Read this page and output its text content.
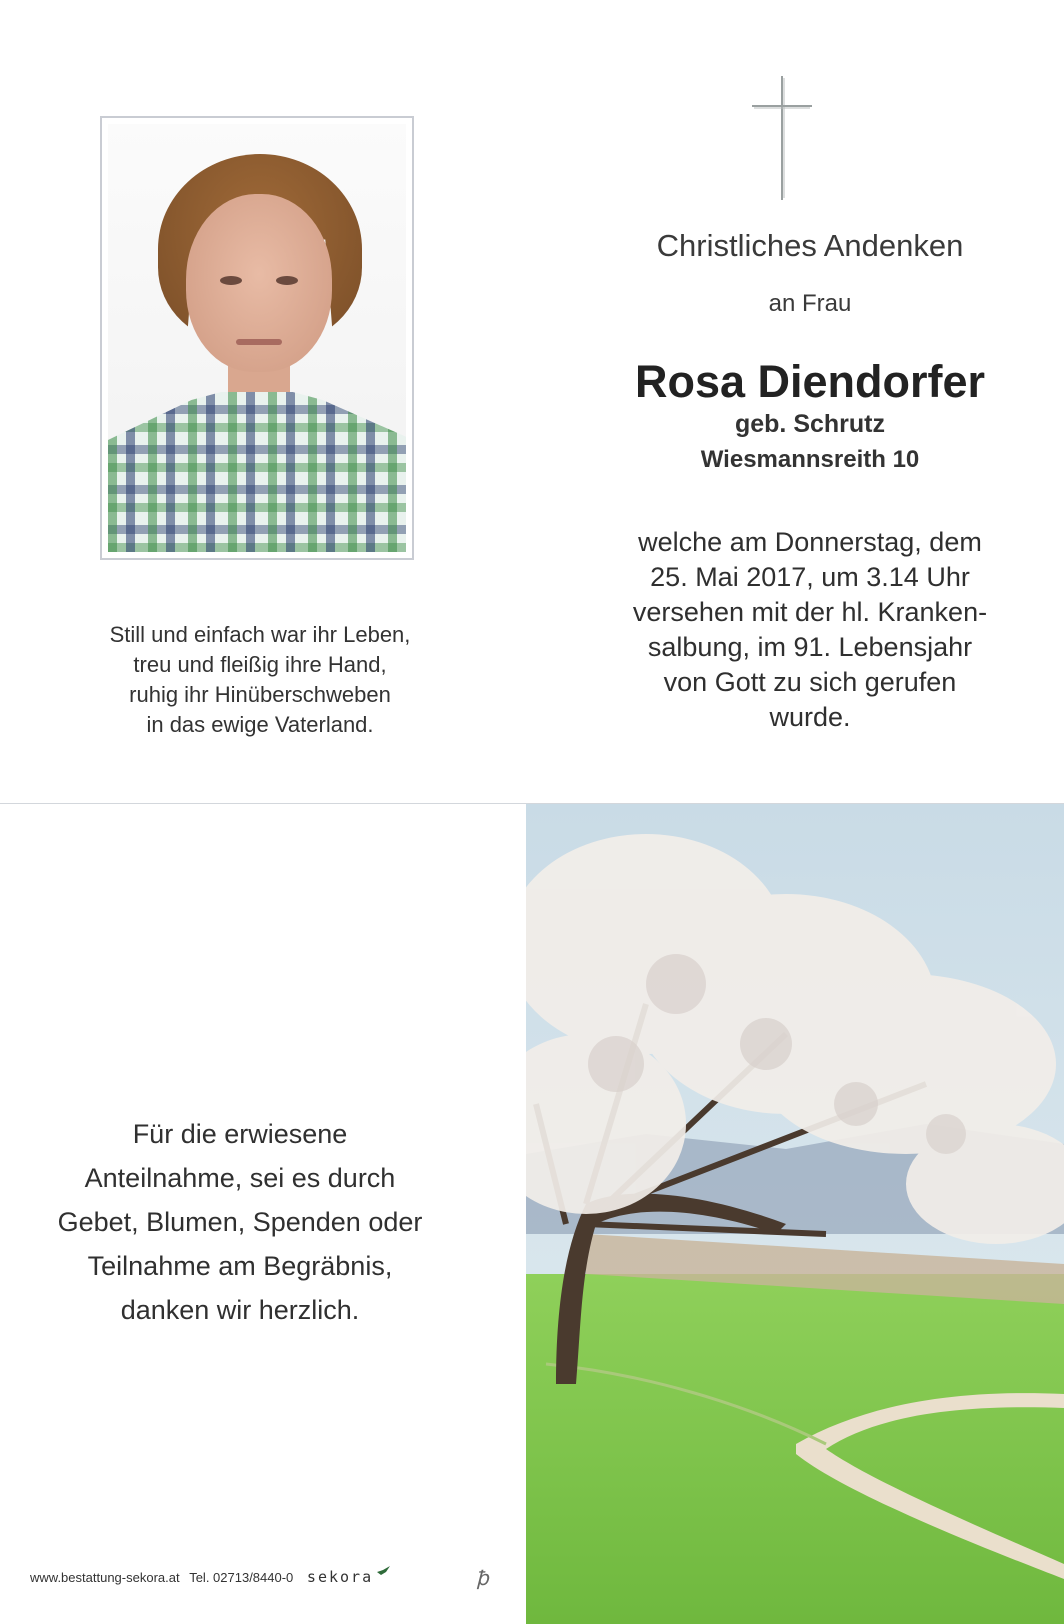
Christliches Andenken
an Frau
Rosa Diendorfer
geb. Schrutz
Wiesmannsreith 10
welche am Donnerstag, dem
25. Mai 2017, um 3.14 Uhr
versehen mit der hl. Kranken-
salbung, im 91. Lebensjahr
von Gott zu sich gerufen
wurde.
Still und einfach war ihr Leben,
treu und fleißig ihre Hand,
ruhig ihr Hinüberschweben
in das ewige Vaterland.
Für die erwiesene
Anteilnahme, sei es durch
Gebet, Blumen, Spenden oder
Teilnahme am Begräbnis,
danken wir herzlich.
www.bestattung-sekora.at Tel. 02713/8440-0 sekora	ꝥ
